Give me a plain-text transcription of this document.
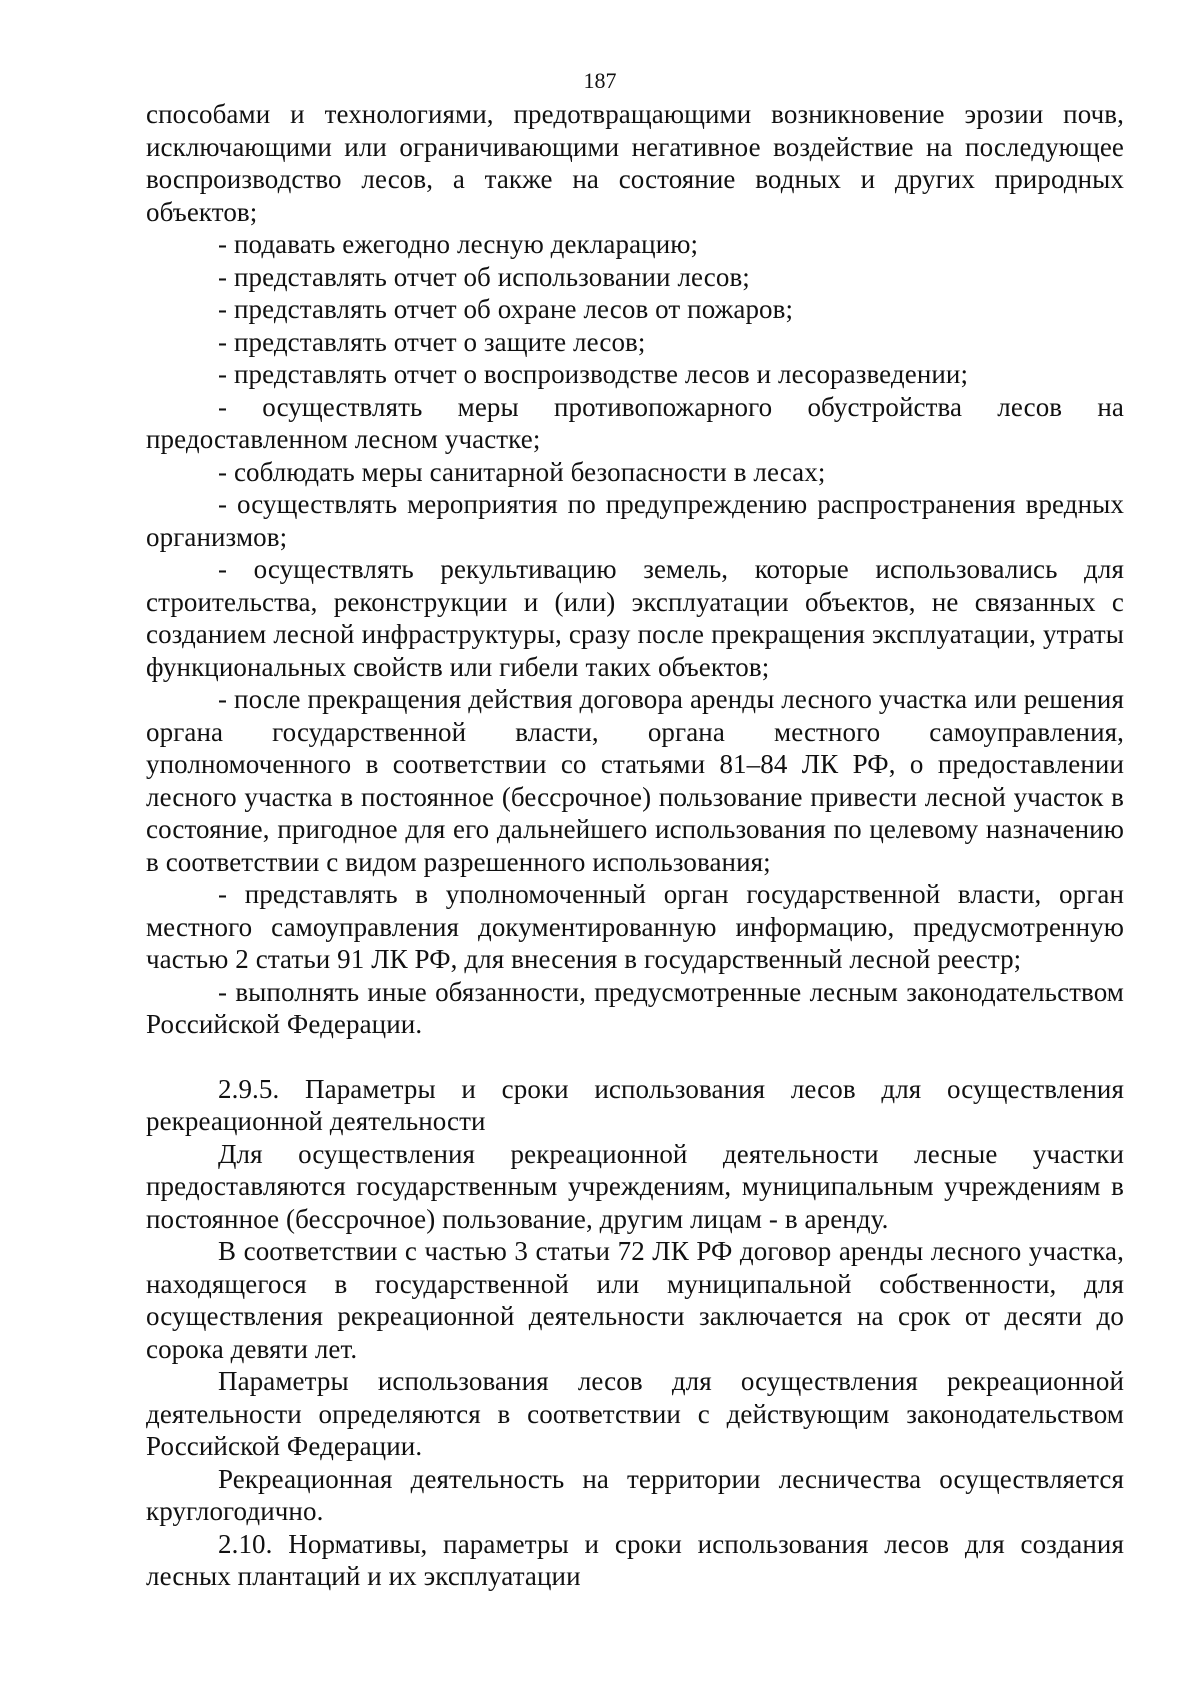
187

способами и технологиями, предотвращающими возникновение эрозии почв, исключающими или ограничивающими негативное воздействие на последующее воспроизводство лесов, а также на состояние водных и других природных объектов;

- подавать ежегодно лесную декларацию;

- представлять отчет об использовании лесов;

- представлять отчет об охране лесов от пожаров;

- представлять отчет о защите лесов;

- представлять отчет о воспроизводстве лесов и лесоразведении;

- осуществлять меры противопожарного обустройства лесов на предоставленном лесном участке;

- соблюдать меры санитарной безопасности в лесах;

- осуществлять мероприятия по предупреждению распространения вредных организмов;

- осуществлять рекультивацию земель, которые использовались для строительства, реконструкции и (или) эксплуатации объектов, не связанных с созданием лесной инфраструктуры, сразу после прекращения эксплуатации, утраты функциональных свойств или гибели таких объектов;

- после прекращения действия договора аренды лесного участка или решения органа государственной власти, органа местного самоуправления, уполномоченного в соответствии со статьями 81–84 ЛК РФ, о предоставлении лесного участка в постоянное (бессрочное) пользование привести лесной участок в состояние, пригодное для его дальнейшего использования по целевому назначению в соответствии с видом разрешенного использования;

- представлять в уполномоченный орган государственной власти, орган местного самоуправления документированную информацию, предусмотренную частью 2 статьи 91 ЛК РФ, для внесения в государственный лесной реестр;

- выполнять иные обязанности, предусмотренные лесным законодательством Российской Федерации.

2.9.5. Параметры и сроки использования лесов для осуществления рекреационной деятельности

Для осуществления рекреационной деятельности лесные участки предоставляются государственным учреждениям, муниципальным учреждениям в постоянное (бессрочное) пользование, другим лицам - в аренду.

В соответствии с частью 3 статьи 72 ЛК РФ договор аренды лесного участка, находящегося в государственной или муниципальной собственности, для осуществления рекреационной деятельности заключается на срок от десяти до сорока девяти лет.

Параметры использования лесов для осуществления рекреационной деятельности определяются в соответствии с действующим законодательством Российской Федерации.

Рекреационная деятельность на территории лесничества осуществляется круглогодично.

2.10. Нормативы, параметры и сроки использования лесов для создания лесных плантаций и их эксплуатации
